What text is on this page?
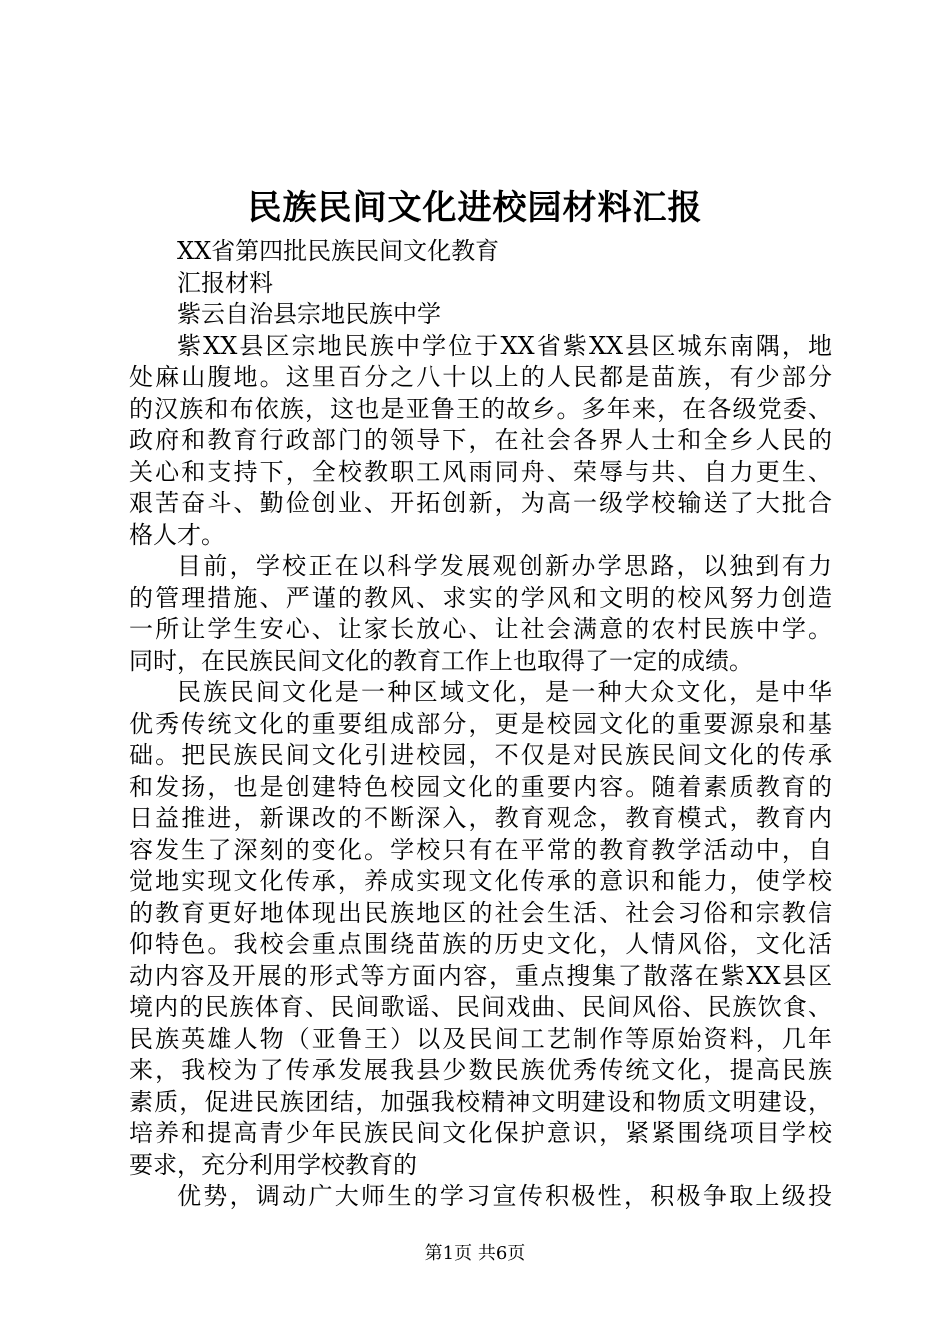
民族民间文化进校园材料汇报
XX省第四批民族民间文化教育
汇报材料
紫云自治县宗地民族中学
紫XX县区宗地民族中学位于XX省紫XX县区城东南隅，地
处麻山腹地。这里百分之八十以上的人民都是苗族，有少部分
的汉族和布依族，这也是亚鲁王的故乡。多年来，在各级党委、
政府和教育行政部门的领导下，在社会各界人士和全乡人民的
关心和支持下，全校教职工风雨同舟、荣辱与共、自力更生、
艰苦奋斗、勤俭创业、开拓创新，为高一级学校输送了大批合
格人才。
目前，学校正在以科学发展观创新办学思路，以独到有力
的管理措施、严谨的教风、求实的学风和文明的校风努力创造
一所让学生安心、让家长放心、让社会满意的农村民族中学。
同时，在民族民间文化的教育工作上也取得了一定的成绩。
民族民间文化是一种区域文化，是一种大众文化，是中华
优秀传统文化的重要组成部分，更是校园文化的重要源泉和基
础。把民族民间文化引进校园，不仅是对民族民间文化的传承
和发扬，也是创建特色校园文化的重要内容。随着素质教育的
日益推进，新课改的不断深入，教育观念，教育模式，教育内
容发生了深刻的变化。学校只有在平常的教育教学活动中，自
觉地实现文化传承，养成实现文化传承的意识和能力，使学校
的教育更好地体现出民族地区的社会生活、社会习俗和宗教信
仰特色。我校会重点围绕苗族的历史文化，人情风俗，文化活
动内容及开展的形式等方面内容，重点搜集了散落在紫XX县区
境内的民族体育、民间歌谣、民间戏曲、民间风俗、民族饮食、
民族英雄人物（亚鲁王）以及民间工艺制作等原始资料，几年
来，我校为了传承发展我县少数民族优秀传统文化，提高民族
素质，促进民族团结，加强我校精神文明建设和物质文明建设，
培养和提高青少年民族民间文化保护意识，紧紧围绕项目学校
要求，充分利用学校教育的
优势，调动广大师生的学习宣传积极性，积极争取上级投
第1页 共6页
